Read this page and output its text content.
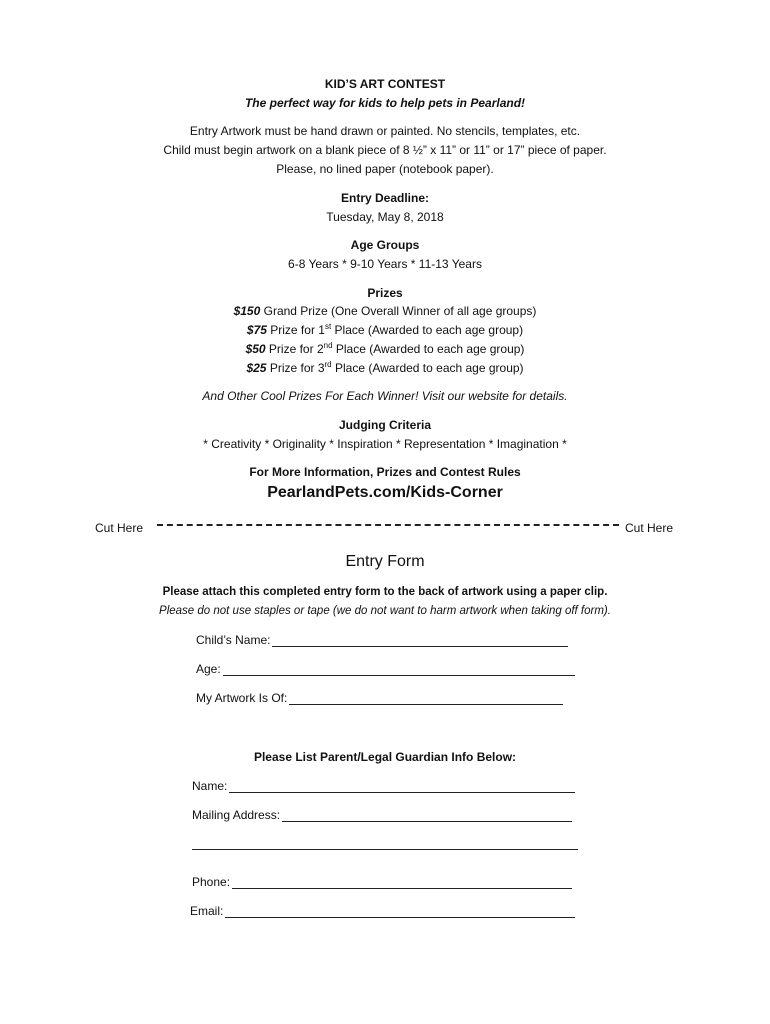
KID’S ART CONTEST
The perfect way for kids to help pets in Pearland!
Entry Artwork must be hand drawn or painted. No stencils, templates, etc.
Child must begin artwork on a blank piece of 8 ½” x 11” or 11” or 17” piece of paper.
Please, no lined paper (notebook paper).
Entry Deadline:
Tuesday, May 8, 2018
Age Groups
6-8 Years * 9-10 Years * 11-13 Years
Prizes
$150 Grand Prize (One Overall Winner of all age groups)
$75 Prize for 1st Place (Awarded to each age group)
$50 Prize for 2nd Place (Awarded to each age group)
$25 Prize for 3rd Place (Awarded to each age group)
And Other Cool Prizes For Each Winner! Visit our website for details.
Judging Criteria
* Creativity * Originality * Inspiration * Representation * Imagination *
For More Information, Prizes and Contest Rules
PearlandPets.com/Kids-Corner
Cut Here	Cut Here
Entry Form
Please attach this completed entry form to the back of artwork using a paper clip.
Please do not use staples or tape (we do not want to harm artwork when taking off form).
Child’s Name:
Age:
My Artwork Is Of:
Please List Parent/Legal Guardian Info Below:
Name:
Mailing Address:
Phone:
Email:
